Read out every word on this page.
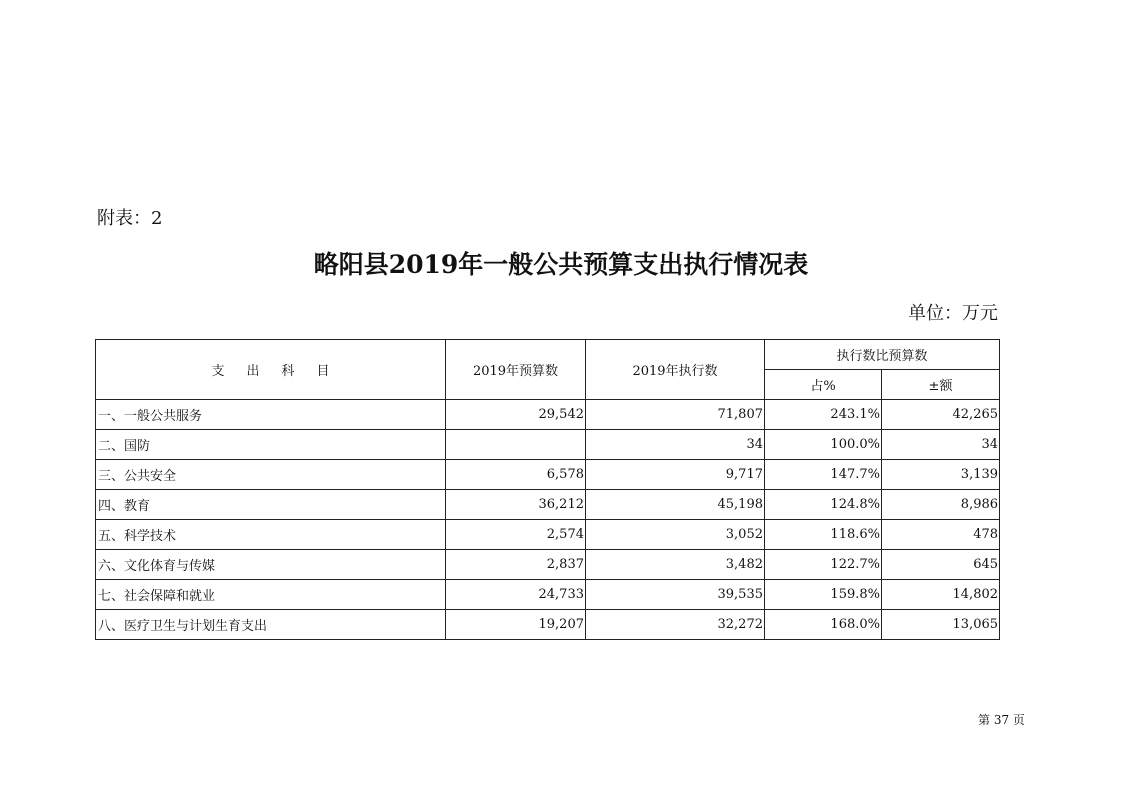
附表：2
略阳县2019年一般公共预算支出执行情况表
单位：万元
支出科目	2019年预算数	2019年执行数	执行数比预算数	
			占%	±额
一、一般公共服务	29,542	71,807	243.1%	42,265
二、国防		34	100.0%	34
三、公共安全	6,578	9,717	147.7%	3,139
四、教育	36,212	45,198	124.8%	8,986
五、科学技术	2,574	3,052	118.6%	478
六、文化体育与传媒	2,837	3,482	122.7%	645
七、社会保障和就业	24,733	39,535	159.8%	14,802
八、医疗卫生与计划生育支出	19,207	32,272	168.0%	13,065
第 37 页
